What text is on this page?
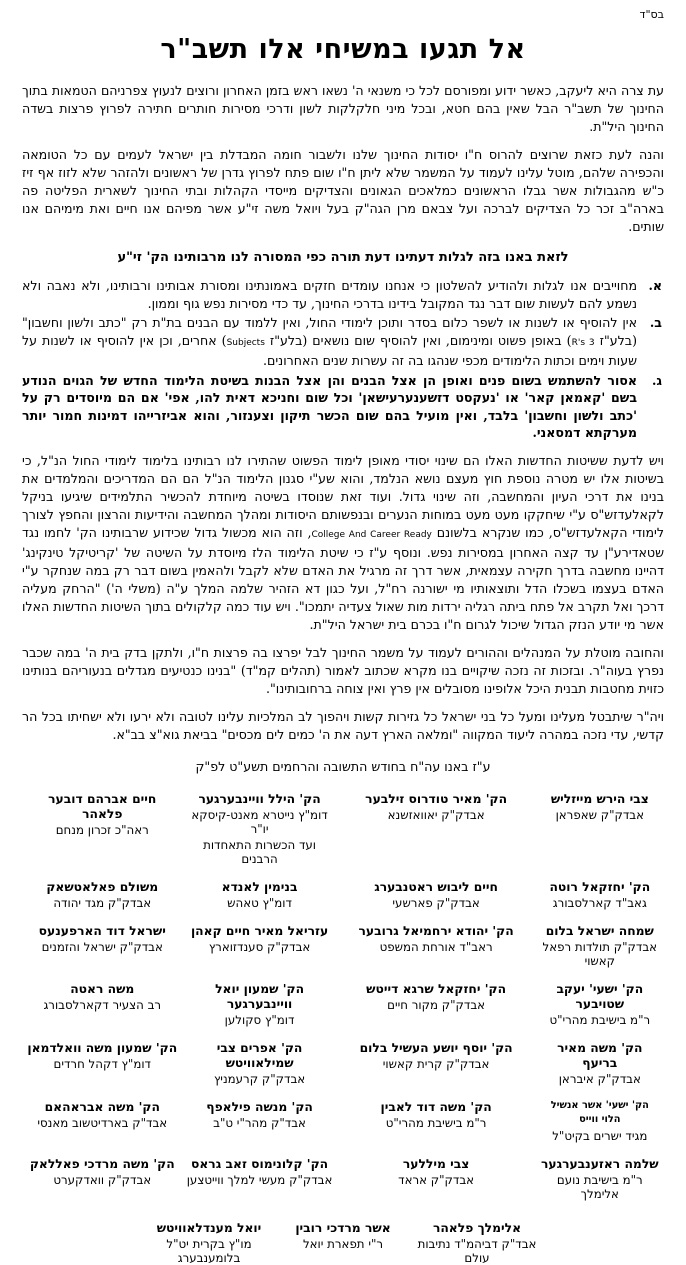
בס"ד
אל תגעו במשיחי אלו תשב"ר
עת צרה היא ליעקב, כאשר ידוע ומפורסם לכל כי משנאי ה' נשאו ראש בזמן האחרון ורוצים לנעוץ צפרניהם הטמאות בתוך החינוך של תשב"ר הבל שאין בהם חטא, ובכל מיני חלקלקות לשון ודרכי מסירות חותרים חתירה לפרוץ פרצות בשדה החינוך היל"ת.
והנה לעת כזאת שרוצים להרוס ח"ו יסודות החינוך שלנו ולשבור חומה המבדלת בין ישראל לעמים עם כל הטומאה והכפירה שלהם, מוטל עלינו לעמוד על המשמר שלא ליתן ח"ו שום פתח לפרוץ גדרן של ראשונים ולהזהר שלא לזוז אף זיז כ"ש מהגבולות אשר גבלו הראשונים כמלאכים הגאונים והצדיקים מייסדי הקהלות ובתי החינוך לשארית הפליטה פה בארה"ב זכר כל הצדיקים לברכה ועל צבאם מרן הגה"ק בעל ויואל משה זי"ע אשר מפיהם אנו חיים ואת מימיהם אנו שותים.
לזאת באנו בזה לגלות דעתינו דעת תורה כפי המסורה לנו מרבותינו הק' זי"ע
א.
מחוייבים אנו לגלות ולהודיע להשלטון כי אנחנו עומדים חזקים באמונתינו ומסורת אבותינו ורבותינו, ולא נאבה ולא נשמע להם לעשות שום דבר נגד המקובל בידינו בדרכי החינוך, עד כדי מסירות נפש גוף וממון.
ב.
אין להוסיף או לשנות או לשפר כלום בסדר ותוכן לימודי החול, ואין ללמוד עם הבנים בת"ת רק "כתב ולשון וחשבון" (בלע"ז 3 R's) באופן פשוט ומינימום, ואין להוסיף שום נושאים (בלע"ז Subjects) אחרים, וכן אין להוסיף או לשנות על שעות וימים וכתות הלימודים מכפי שנהגו בה זה עשרות שנים האחרונים.
ג.
אסור להשתמש בשום פנים ואופן הן אצל הבנים והן אצל הבנות בשיטת הלימוד החדש של הגוים הנודע בשם 'קאמאן קאר' או 'נעקסט דזשענערעישאן' וכל שום וחניכא דאית להו, אפי' אם הם מיוסדים רק על 'כתב ולשון וחשבון' בלבד, ואין מועיל בהם שום הכשר תיקון וצענזור, והוא אביזרייהו דמינות חמור יותר מערקתא דמסאני.
ויש לדעת ששיטות החדשות האלו הם שינוי יסודי מאופן לימוד הפשוט שהתירו לנו רבותינו בלימוד לימודי החול הנ"ל, כי בשיטות אלו יש מטרה נוספת חוץ מעצם נושא הנלמד, והוא שע"י סגנון הלימוד הנ"ל הם הם המדריכים והמלמדים את בנינו את דרכי העיון והמחשבה, וזה שינוי גדול. ועוד זאת שנוסדו בשיטה מיוחדת להכשיר התלמידים שיגיעו בניקל לקאלעדזש"ס ע"י שיחקקו מעט מעט במוחות הנערים ובנפשותם היסודות ומהלך המחשבה והידיעות והרצון והחפץ לצורך לימודי הקאלעדזש"ס, כמו שנקרא בלשונם College And Career Ready, וזה הוא מכשול גדול שכידוע שרבותינו הק' לחמו נגד שטאדירע"ן עד קצה האחרון במסירות נפש. ונוסף ע"ז כי שיטת הלימוד הלז מיוסדת על השיטה של 'קריטיקל טינקינג' דהיינו מחשבה בדרך חקירה עצמאית, אשר דרך זה מרגיל את האדם שלא לקבל ולהאמין בשום דבר רק במה שנחקר ע"י האדם בעצמו בשכלו הדל ותוצאותיו מי ישורנה רח"ל, ועל כגון דא הזהיר שלמה המלך ע"ה (משלי ה') "הרחק מעליה דרכך ואל תקרב אל פתח ביתה רגליה ירדות מות שאול צעדיה יתמכו". ויש עוד כמה קלקולים בתוך השיטות החדשות האלו אשר מי יודע הנזק הגדול שיכול לגרום ח"ו בכרם בית ישראל היל"ת.
והחובה מוטלת על המנהלים וההורים לעמוד על משמר החינוך לבל יפרצו בה פרצות ח"ו, ולתקן בדק בית ה' במה שכבר נפרץ בעוה"ר. ובזכות זה נזכה שיקויים בנו מקרא שכתוב לאמור (תהלים קמ"ד) "בנינו כנטיעים מגדלים בנעוריהם בנותינו כזוית מחטבות תבנית היכל אלופינו מסובלים אין פרץ ואין צוחה ברחובותינו".
ויה"ר שיתבטל מעלינו ומעל כל בני ישראל כל גזירות קשות ויהפוך לב המלכיות עלינו לטובה ולא ירעו ולא ישחיתו בכל הר קדשי, עדי נזכה במהרה ליעוד המקווה "ומלאה הארץ דעה את ה' כמים לים מכסים" בביאת גוא"צ בב"א.
ע"ז באנו עה"ח בחודש התשובה והרחמים תשע"ט לפ"ק
צבי הירש מייזליש
אבדק"ק שאפראן
הק' מאיר טודרוס זילבער
אבדק"ק יאוואזשנא
הק' הילל וויינבערגער
דומ"ץ נייטרא מאנט-קיסקא יו"ר
ועד הכשרות התאחדות הרבנים
חיים אברהם דובער פלאהר
ראה"כ זכרון מנחם
הק' יחזקאל רוטה
גאב"ד קארלסבורג
חיים ליבוש ראטנבערג
אבדק"ק פארשעי
בנימין לאנדא
דומ"ץ טאהש
משולם פאלאטשאק
אבדק"ק מגד יהודה
שמחה ישראל בלום
אבדק"ק תולדות רפאל קאשוי
הק' יהודא ירחמיאל גרובער
ראב"ד אורחת המשפט
עזריאל מאיר חיים קאהן
אבדק"ק סענדזוארץ
ישראל דוד הארפענעס
אבדק"ק ישראל והזמנים
הק' ישעי' יעקב שטויבער
ר"מ בישיבת מהרי"ט
הק' יחזקאל שרגא דייטש
אבדק"ק מקור חיים
הק' שמעון יואל וויינבערגער
דומ"ץ סקולען
משה ראטה
רב הצעיר דקארלסבורג
הק' משה מאיר בריעף
אבדק"ק איבראן
הק' יוסף יושע העשיל בלום
אבדק"ק קרית קאשוי
הק' אפרים צבי שמילאוויטש
אבדק"ק קרעמניץ
הק' שמעון משה וואלדמאן
דומ"ץ דקהל חרדים
הק' ישעי' אשר אנשיל הלוי ווייס
מגיד ישרים בקיט"ל
הק' משה דוד לאבין
ר"מ בישיבת מהרי"ט
הק' מנשה פילאפף
אבד"ק מהר"י ט"ב
הק' משה אבראהאם
אבד"ק בארדיטשוב מאנסי
שלמה ראזענבערגער
ר"מ בישיבת נועם אלימלך
צבי מיללער
אבדק"ק אראד
הק' קלונימוס זאב גראס
אבדק"ק מעשי למלך ווייטצען
הק' משה מרדכי פאללאק
אבדק"ק וואדקערט
אלימלך פלאהר
אבד"ק דביהמ"ד נתיבות עולם
אשר מרדכי רובין
ר"י תפארת יואל
יואל מענדלאוויטש
מו"ץ בקרית יט"ל בלומענבערג
